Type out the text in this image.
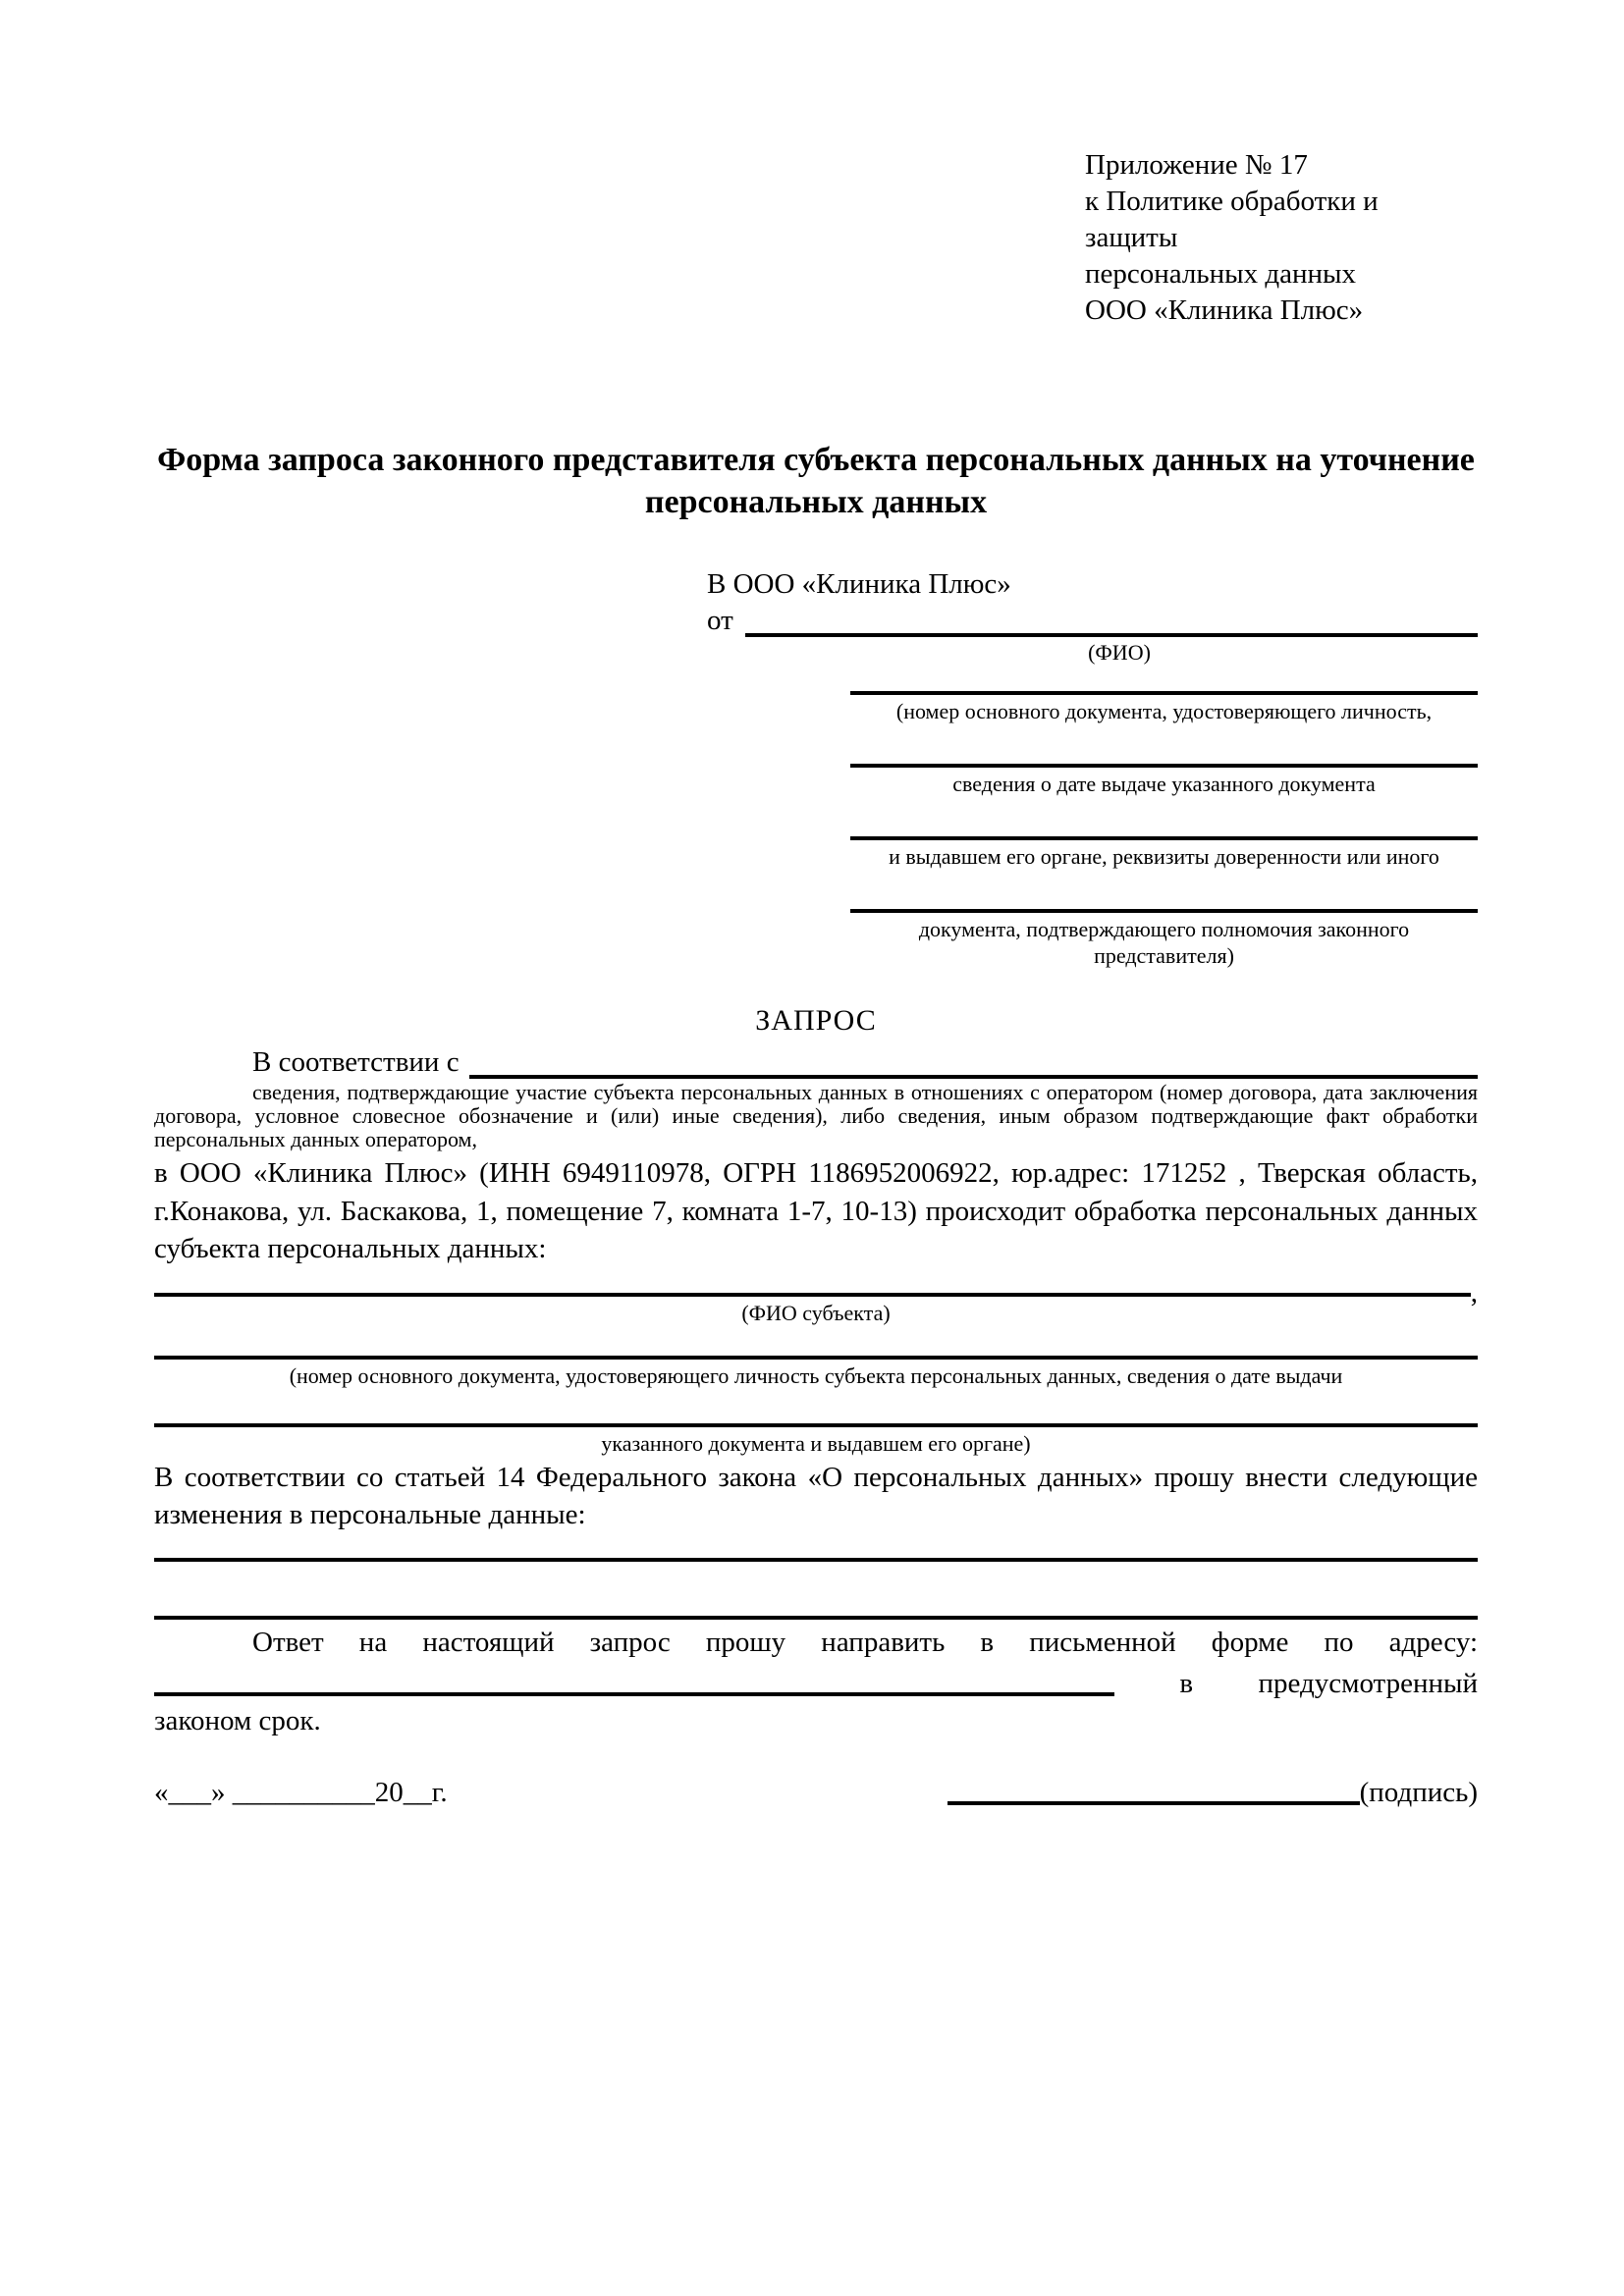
Приложение № 17
к Политике обработки и защиты
персональных данных
ООО «Клиника Плюс»
Форма запроса законного представителя субъекта персональных данных на уточнение персональных данных
В ООО «Клиника Плюс»
от
(ФИО)
(номер основного документа, удостоверяющего личность,
сведения о дате выдаче указанного документа
и выдавшем его органе, реквизиты доверенности или иного
документа, подтверждающего полномочия законного представителя)
ЗАПРОС
В соответствии с
сведения, подтверждающие участие субъекта персональных данных в отношениях с оператором (номер договора, дата заключения договора, условное словесное обозначение и (или) иные сведения), либо сведения, иным образом подтверждающие факт обработки персональных данных оператором,
в ООО «Клиника Плюс» (ИНН 6949110978, ОГРН 1186952006922, юр.адрес: 171252 , Тверская область, г.Конакова, ул. Баскакова, 1, помещение 7, комната 1-7, 10-13) происходит обработка персональных данных субъекта персональных данных:
,
(ФИО субъекта)
(номер основного документа, удостоверяющего личность субъекта персональных данных, сведения о дате выдачи
указанного документа и выдавшем его органе)
В соответствии со статьей 14 Федерального закона «О персональных данных» прошу внести следующие изменения в персональные данные:
Ответ на настоящий запрос прошу направить в письменной форме по адресу:
в предусмотренный
законом срок.
«___» __________20__г.	(подпись)
